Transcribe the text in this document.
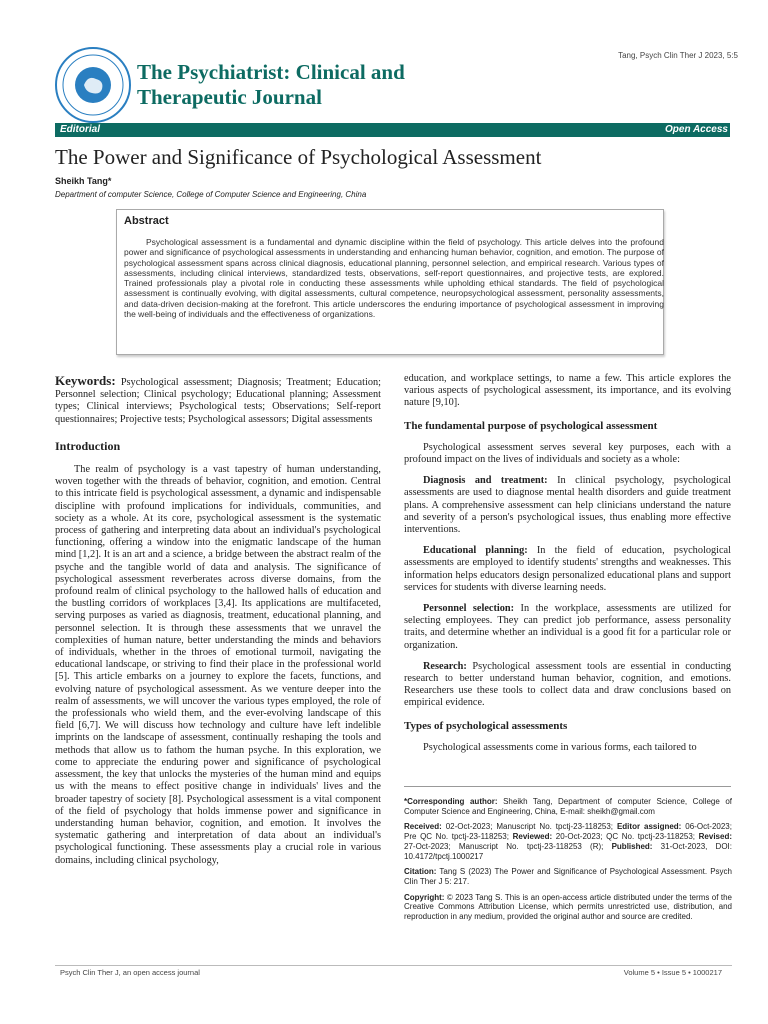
The Psychiatrist: Clinical and
Therapeutic Journal
Tang, Psych Clin Ther J 2023, 5:5
Editorial	Open Access
The Power and Significance of Psychological Assessment
Sheikh Tang*
Department of computer Science, College of Computer Science and Engineering, China
Abstract
Psychological assessment is a fundamental and dynamic discipline within the field of psychology. This article delves into the profound power and significance of psychological assessments in understanding and enhancing human behavior, cognition, and emotion. The purpose of psychological assessment spans across clinical diagnosis, educational planning, personnel selection, and empirical research. Various types of assessments, including clinical interviews, standardized tests, observations, self-report questionnaires, and projective tests, are explored. Trained professionals play a pivotal role in conducting these assessments while upholding ethical standards. The field of psychological assessment is continually evolving, with digital assessments, cultural competence, neuropsychological assessment, personality assessments, and data-driven decision-making at the forefront. This article underscores the enduring importance of psychological assessment in improving the well-being of individuals and the effectiveness of organizations.
Keywords: Psychological assessment; Diagnosis; Treatment; Education; Personnel selection; Clinical psychology; Educational planning; Assessment types; Clinical interviews; Psychological tests; Observations; Self-report questionnaires; Projective tests; Psychological assessors; Digital assessments
Introduction

The realm of psychology is a vast tapestry of human understanding, woven together with the threads of behavior, cognition, and emotion. Central to this intricate field is psychological assessment, a dynamic and indispensable discipline with profound implications for individuals, communities, and society as a whole. At its core, psychological assessment is the systematic process of gathering and interpreting data about an individual's psychological functioning, offering a window into the enigmatic landscape of the human mind [1,2]. It is an art and a science, a bridge between the abstract realm of the psyche and the tangible world of data and analysis. The significance of psychological assessment reverberates across diverse domains, from the profound realm of clinical psychology to the hallowed halls of education and the bustling corridors of workplaces [3,4]. Its applications are multifaceted, serving purposes as varied as diagnosis, treatment, educational planning, and personnel selection. It is through these assessments that we unravel the complexities of human nature, better understanding the minds and behaviors of individuals, whether in the throes of emotional turmoil, navigating the educational landscape, or striving to find their place in the professional world [5]. This article embarks on a journey to explore the facets, functions, and evolving nature of psychological assessment. As we venture deeper into the realm of assessments, we will uncover the various types employed, the role of the professionals who wield them, and the ever-evolving landscape of this field [6,7]. We will discuss how technology and culture have left indelible imprints on the landscape of assessment, continually reshaping the tools and methods that allow us to fathom the human psyche. In this exploration, we come to appreciate the enduring power and significance of psychological assessment, the key that unlocks the mysteries of the human mind and equips us with the means to effect positive change in individuals' lives and the broader tapestry of society [8]. Psychological assessment is a vital component of the field of psychology that holds immense power and significance in understanding human behavior, cognition, and emotion. It involves the systematic gathering and interpretation of data about an individual's psychological functioning. These assessments play a crucial role in various domains, including clinical psychology,

education, and workplace settings, to name a few. This article explores the various aspects of psychological assessment, its importance, and its evolving nature [9,10].

The fundamental purpose of psychological assessment

Psychological assessment serves several key purposes, each with a profound impact on the lives of individuals and society as a whole:

Diagnosis and treatment: In clinical psychology, psychological assessments are used to diagnose mental health disorders and guide treatment plans. A comprehensive assessment can help clinicians understand the nature and severity of a person's psychological issues, thus enabling more effective interventions.

Educational planning: In the field of education, psychological assessments are employed to identify students' strengths and weaknesses. This information helps educators design personalized educational plans and support services for students with diverse learning needs.

Personnel selection: In the workplace, assessments are utilized for selecting employees. They can predict job performance, assess personality traits, and determine whether an individual is a good fit for a particular role or organization.

Research: Psychological assessment tools are essential in conducting research to better understand human behavior, cognition, and emotions. Researchers use these tools to collect data and draw conclusions based on empirical evidence.

Types of psychological assessments

Psychological assessments come in various forms, each tailored to

*Corresponding author: Sheikh Tang, Department of computer Science, College of Computer Science and Engineering, China, E-mail: sheikh@gmail.com

Received: 02-Oct-2023; Manuscript No. tpctj-23-118253; Editor assigned: 06-Oct-2023; Pre QC No. tpctj-23-118253; Reviewed: 20-Oct-2023; QC No. tpctj-23-118253; Revised: 27-Oct-2023; Manuscript No. tpctj-23-118253 (R); Published: 31-Oct-2023, DOI: 10.4172/tpctj.1000217

Citation: Tang S (2023) The Power and Significance of Psychological Assessment. Psych Clin Ther J 5: 217.

Copyright: © 2023 Tang S. This is an open-access article distributed under the terms of the Creative Commons Attribution License, which permits unrestricted use, distribution, and reproduction in any medium, provided the original author and source are credited.

Psych Clin Ther J, an open access journal	Volume 5 • Issue 5 • 1000217
